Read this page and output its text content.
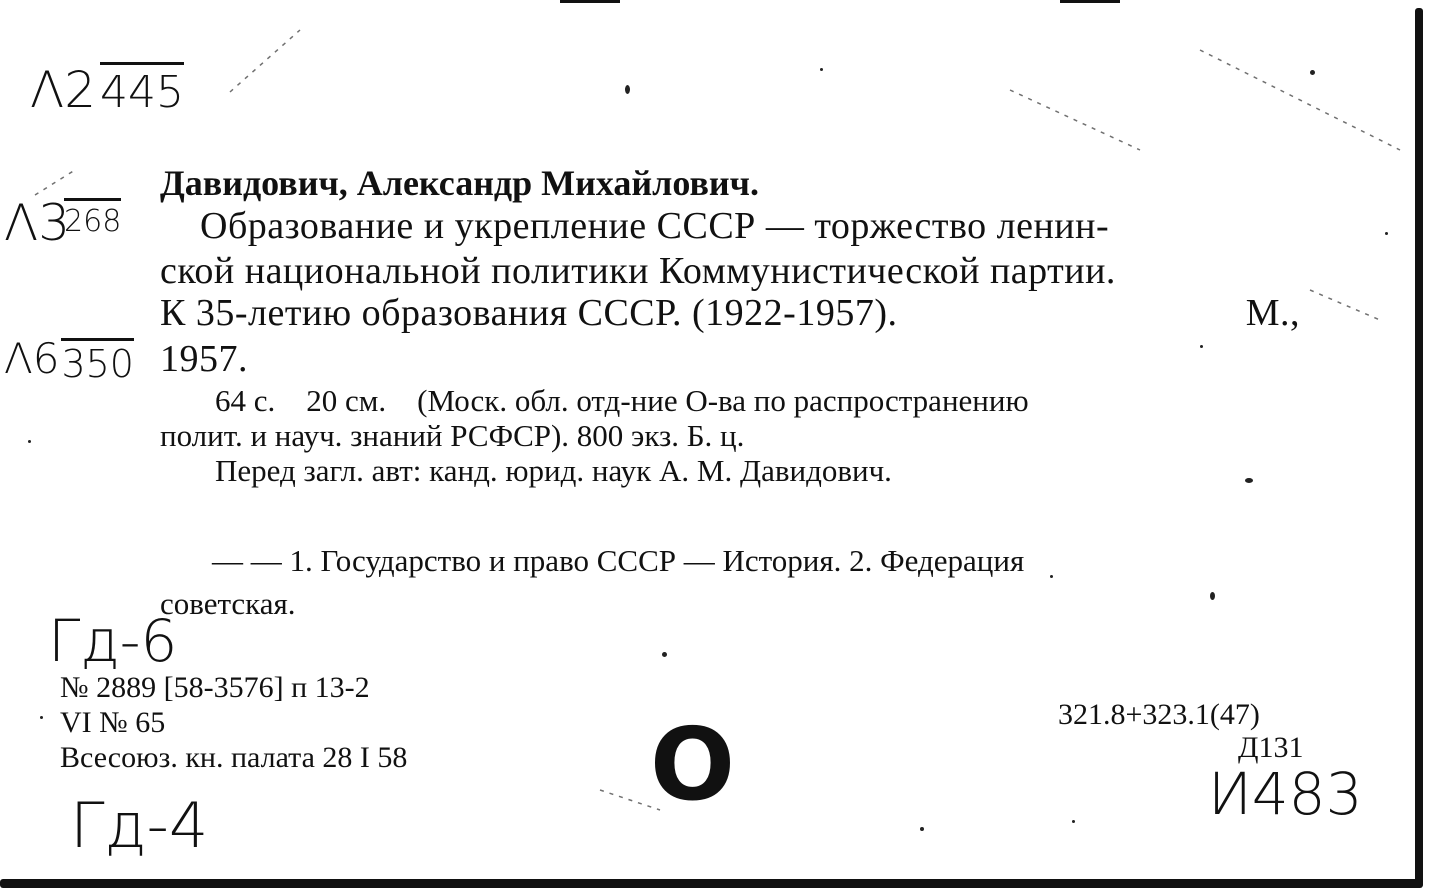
Λ2445
Λ3268
Λ6350
Давидович, Александр Михайлович.
Образование и укрепление СССР — торжество ленин-
ской национальной политики Коммунистической партии.
К 35-летию образования СССР. (1922-1957).	М.,
1957.
64 с.    20 см.    (Моск. обл. отд-ние О-ва по распространению
полит. и науч. знаний РСФСР). 800 экз. Б. ц.
Перед загл. авт: канд. юрид. наук А. М. Давидович.
— — 1. Государство и право СССР — История. 2. Федерация
советская.
Гд-6
Гд-4
№ 2889 [58-3576] п 13-2
VI № 65
Всесоюз. кн. палата 28 I 58 О	321.8+323.1(47)
Д131
И483
